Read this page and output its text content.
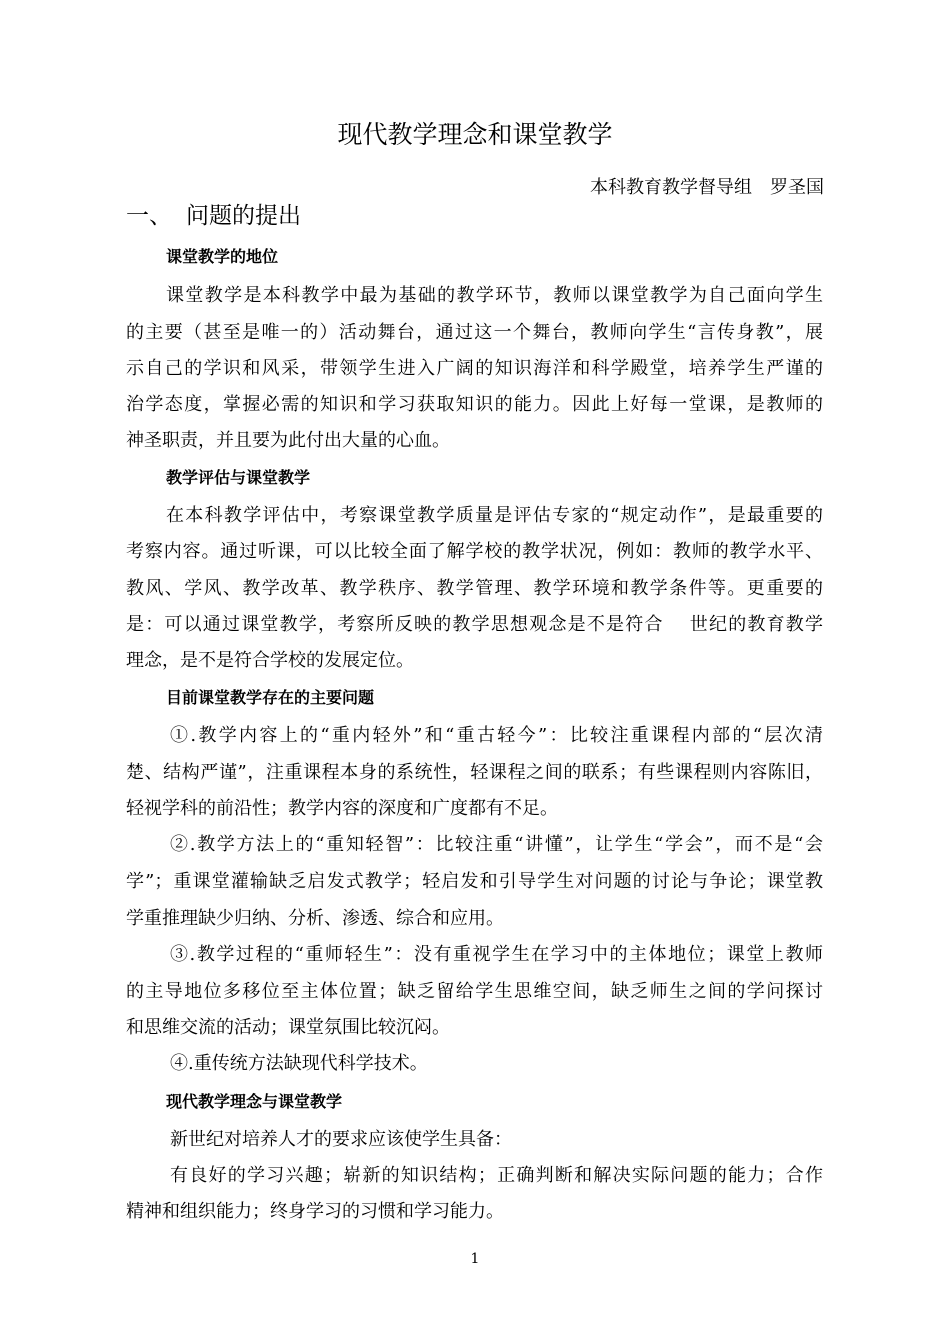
现代教学理念和课堂教学
本科教育教学督导组　罗圣国
一、 问题的提出
课堂教学的地位
课堂教学是本科教学中最为基础的教学环节，教师以课堂教学为自己面向学生
的主要（甚至是唯一的）活动舞台，通过这一个舞台，教师向学生“言传身教”，展
示自己的学识和风采，带领学生进入广阔的知识海洋和科学殿堂，培养学生严谨的
治学态度，掌握必需的知识和学习获取知识的能力。因此上好每一堂课，是教师的
神圣职责，并且要为此付出大量的心血。
教学评估与课堂教学
在本科教学评估中，考察课堂教学质量是评估专家的“规定动作”，是最重要的
考察内容。通过听课，可以比较全面了解学校的教学状况，例如：教师的教学水平、
教风、学风、教学改革、教学秩序、教学管理、教学环境和教学条件等。更重要的
是：可以通过课堂教学，考察所反映的教学思想观念是不是符合　 世纪的教育教学
理念，是不是符合学校的发展定位。
目前课堂教学存在的主要问题
①.教学内容上的“重内轻外”和“重古轻今”：比较注重课程内部的“层次清
楚、结构严谨”，注重课程本身的系统性，轻课程之间的联系；有些课程则内容陈旧，
轻视学科的前沿性；教学内容的深度和广度都有不足。
②.教学方法上的“重知轻智”：比较注重“讲懂”，让学生“学会”，而不是“会
学”；重课堂灌输缺乏启发式教学；轻启发和引导学生对问题的讨论与争论；课堂教
学重推理缺少归纳、分析、渗透、综合和应用。
③.教学过程的“重师轻生”：没有重视学生在学习中的主体地位；课堂上教师
的主导地位多移位至主体位置；缺乏留给学生思维空间，缺乏师生之间的学问探讨
和思维交流的活动；课堂氛围比较沉闷。
④.重传统方法缺现代科学技术。
现代教学理念与课堂教学
新世纪对培养人才的要求应该使学生具备：
有良好的学习兴趣；崭新的知识结构；正确判断和解决实际问题的能力；合作
精神和组织能力；终身学习的习惯和学习能力。
1
